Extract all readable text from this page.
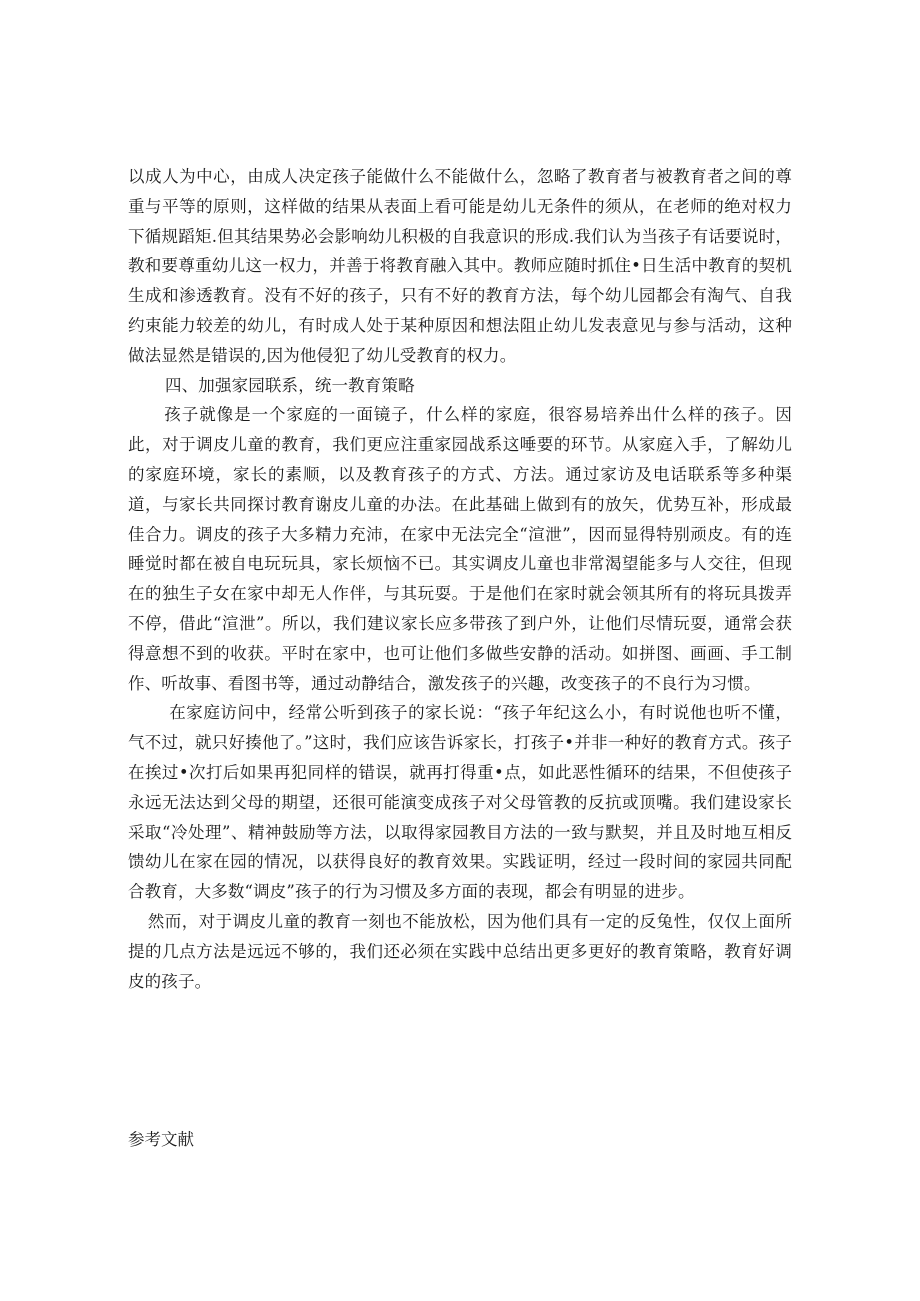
以成人为中心，由成人决定孩子能做什么不能做什么，忽略了教育者与被教育者之间的尊重与平等的原则，这样做的结果从表面上看可能是幼儿无条件的须从，在老师的绝对权力下循规蹈矩.但其结果势必会影响幼儿积极的自我意识的形成.我们认为当孩子有话要说时，教和要尊重幼儿这一权力，并善于将教育融入其中。教师应随时抓住•日生活中教育的契机生成和渗透教育。没有不好的孩子，只有不好的教育方法，每个幼儿园都会有淘气、自我约束能力较差的幼儿，有时成人处于某种原因和想法阻止幼儿发表意见与参与活动，这种做法显然是错误的,因为他侵犯了幼儿受教育的权力。

四、加强家园联系，统一教育策略

孩子就像是一个家庭的一面镜子，什么样的家庭，很容易培养出什么样的孩子。因此，对于调皮儿童的教育，我们更应注重家园战系这唾要的环节。从家庭入手，了解幼儿的家庭环境，家长的素顺，以及教育孩子的方式、方法。通过家访及电话联系等多种渠道，与家长共同探讨教育谢皮儿童的办法。在此基础上做到有的放矢，优势互补，形成最佳合力。调皮的孩子大多精力充沛，在家中无法完全“渲泄”，因而显得特别顽皮。有的连睡觉时都在被自电玩玩具，家长烦恼不已。其实调皮儿童也非常渴望能多与人交往，但现在的独生子女在家中却无人作伴，与其玩耍。于是他们在家时就会领其所有的将玩具拨弄不停，借此“渲泄”。所以，我们建议家长应多带孩了到户外，让他们尽情玩耍，通常会获得意想不到的收获。平时在家中，也可让他们多做些安静的活动。如拼图、画画、手工制作、听故事、看图书等，通过动静结合，激发孩子的兴趣，改变孩子的不良行为习惯。

在家庭访问中，经常公听到孩子的家长说：“孩子年纪这么小，有时说他也听不懂，气不过，就只好揍他了。”这时，我们应该告诉家长，打孩子•并非一种好的教育方式。孩子在挨过•次打后如果再犯同样的错误，就再打得重•点，如此恶性循环的结果，不但使孩子永远无法达到父母的期望，还很可能演变成孩子对父母管教的反抗或顶嘴。我们建设家长采取“冷处理”、精神鼓励等方法，以取得家园教目方法的一致与默契，并且及时地互相反馈幼儿在家在园的情况，以获得良好的教育效果。实践证明，经过一段时间的家园共同配合教育，大多数“调皮”孩子的行为习惯及多方面的表现，都会有明显的进步。

然而，对于调皮儿童的教育一刻也不能放松，因为他们具有一定的反兔性，仅仅上面所提的几点方法是远远不够的，我们还必须在实践中总结出更多更好的教育策略，教育好调皮的孩子。

参考文献
